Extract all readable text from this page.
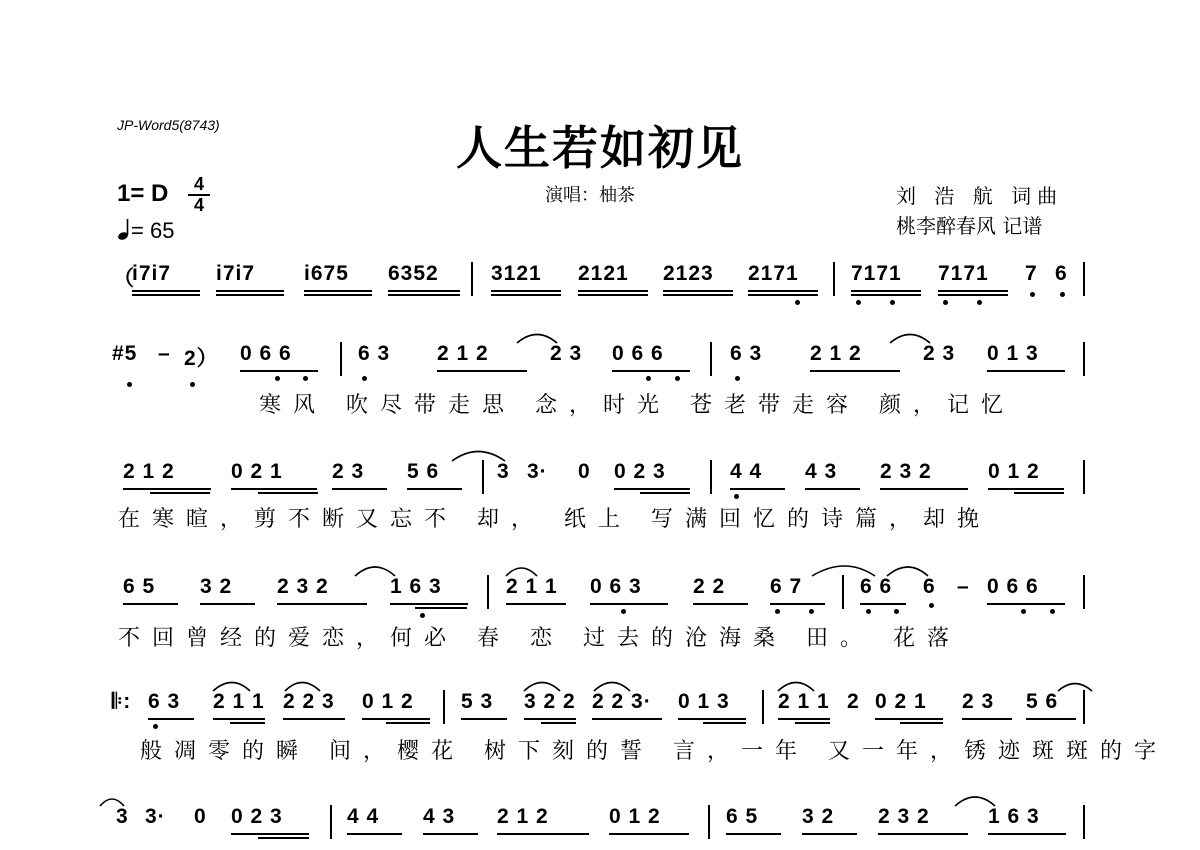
JP-Word5(8743)	人生若如初见
1= D	4
4
= 65
演唱：柚茶	刘 浩 航 词曲
桃李醉春风 记谱
（
i7i7 i7i7 i675 6352 3121 2121 2123 2171 7171 7171 7 6
#5 – 2） 0 6 6	6 3 2 1 2	2 3 0 6 6	6 3 2 1 2	2 3 0 1 3
寒风 吹尽带走思 念，时光 苍老带走容 颜，记忆
2 1 2	0 2 1 2 3 5 6	3 3· 0 0 2 3	4 4 4 3 2 3 2	0 1 2
在寒暄，剪不断又忘不 却， 纸上 写满回忆的诗篇，却挽
6 5 3 2 2 3 2	1 6 3	2 1 1 0 6 3 2 2 6 7	6 6 6 – 0 6 6
不回曾经的爱恋，何必 春 恋 过去的沧海桑 田。 花落
𝄆: 6 3 2 1 1 2 2 3 0 1 2 5 3 3 2 2 2 2 3· 0 1 3 2 1 1 2 0 2 1 2 3 5 6
般凋零的瞬 间，樱花 树下刻的誓 言，一年 又一年，锈迹斑斑的字
3 3· 0 0 2 3	4 4 4 3 2 1 2	0 1 2	6 5 3 2 2 3 2	1 6 3
